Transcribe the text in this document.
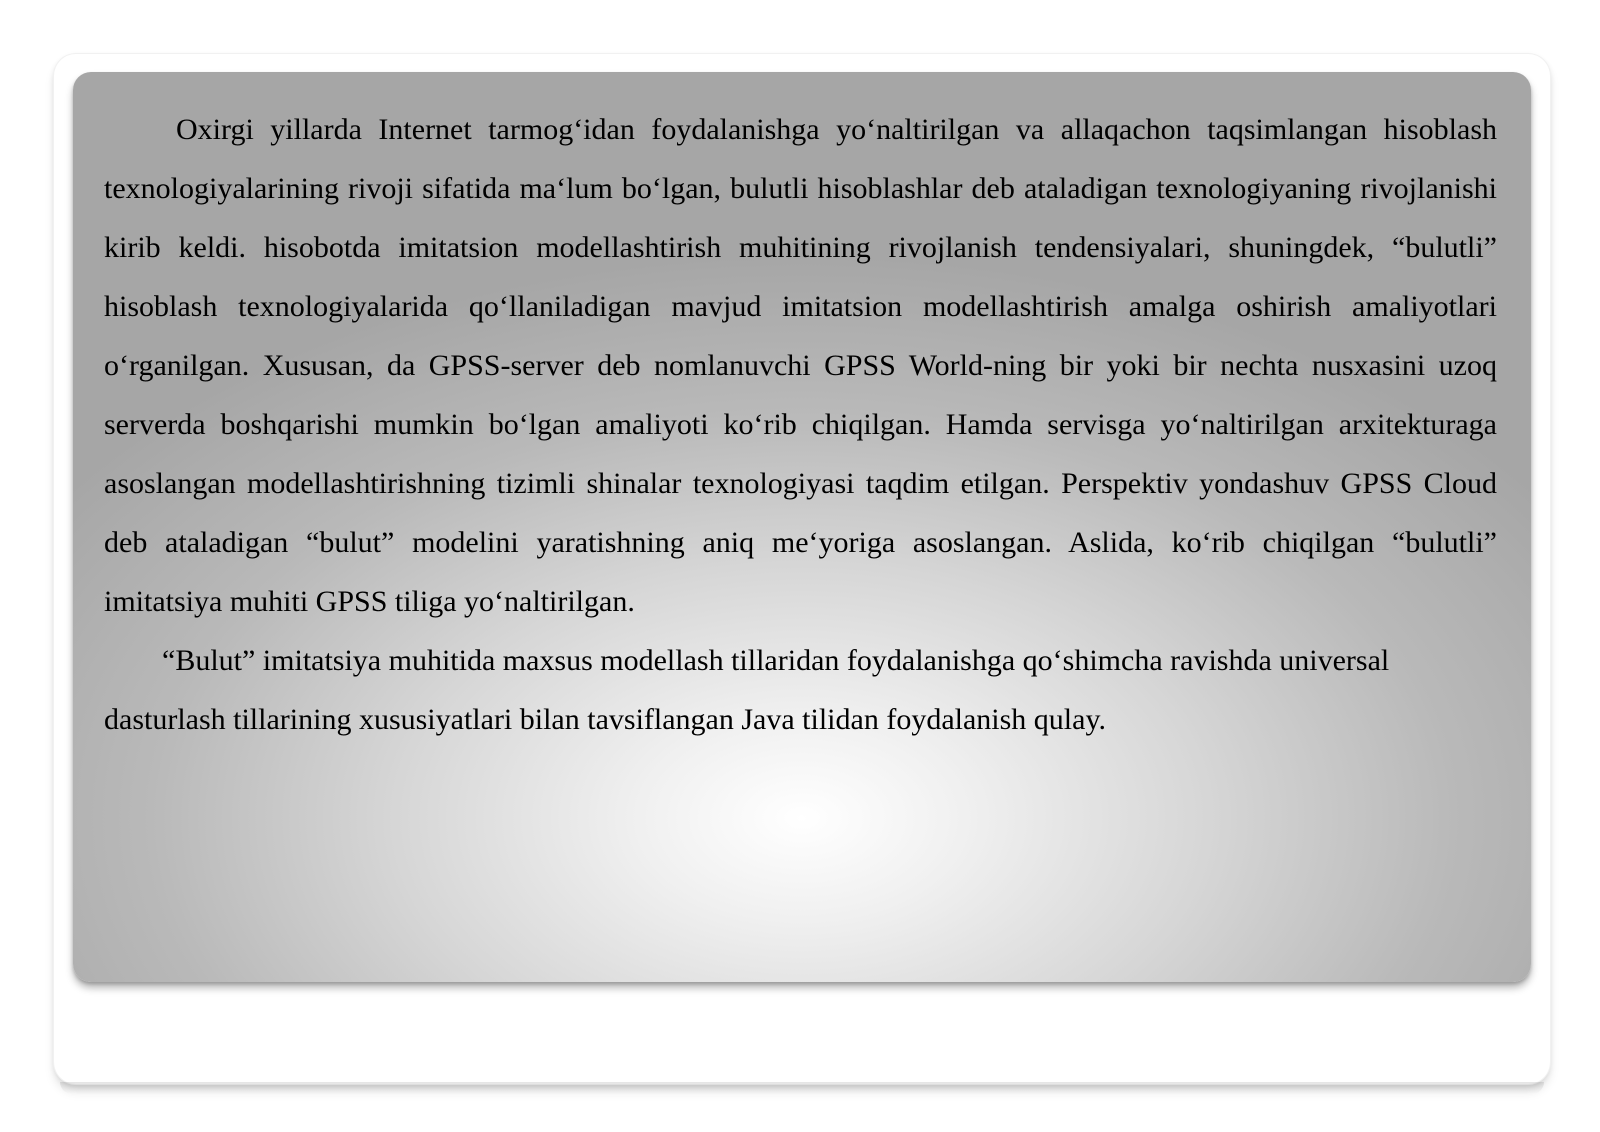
Oxirgi yillarda Internet tarmog‘idan foydalanishga yo‘naltirilgan va allaqachon taqsimlangan hisoblash texnologiyalarining rivoji sifatida ma‘lum bo‘lgan, bulutli hisoblashlar deb ataladigan texnologiyaning rivojlanishi kirib keldi. hisobotda imitatsion modellashtirish muhitining rivojlanish tendensiyalari, shuningdek, “bulutli” hisoblash texnologiyalarida qo‘llaniladigan mavjud imitatsion modellashtirish amalga oshirish amaliyotlari o‘rganilgan. Xususan, da GPSS-server deb nomlanuvchi GPSS World-ning bir yoki bir nechta nusxasini uzoq serverda boshqarishi mumkin bo‘lgan amaliyoti ko‘rib chiqilgan. Hamda servisga yo‘naltirilgan arxitekturaga asoslangan modellashtirishning tizimli shinalar texnologiyasi taqdim etilgan. Perspektiv yondashuv GPSS Cloud deb ataladigan “bulut” modelini yaratishning aniq me‘yoriga asoslangan. Aslida, ko‘rib chiqilgan “bulutli” imitatsiya muhiti GPSS tiliga yo‘naltirilgan.

“Bulut” imitatsiya muhitida maxsus modellash tillaridan foydalanishga qo‘shimcha ravishda universal dasturlash tillarining xususiyatlari bilan tavsiflangan Java tilidan foydalanish qulay.
